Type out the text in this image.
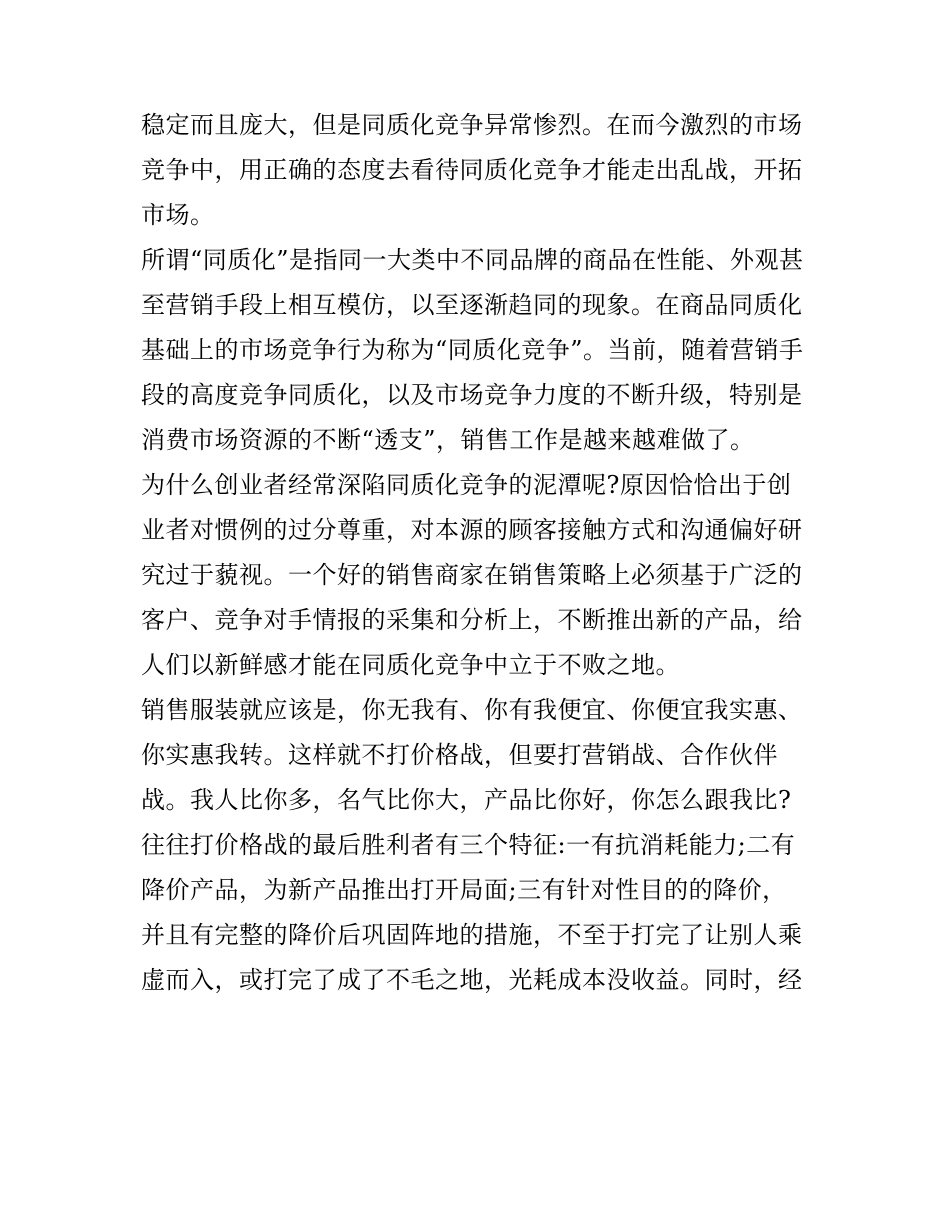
稳定而且庞大，但是同质化竞争异常惨烈。在而今激烈的市场
竞争中，用正确的态度去看待同质化竞争才能走出乱战，开拓
市场。
所谓“同质化”是指同一大类中不同品牌的商品在性能、外观甚
至营销手段上相互模仿，以至逐渐趋同的现象。在商品同质化
基础上的市场竞争行为称为“同质化竞争”。当前，随着营销手
段的高度竞争同质化，以及市场竞争力度的不断升级，特别是
消费市场资源的不断“透支”，销售工作是越来越难做了。
为什么创业者经常深陷同质化竞争的泥潭呢?原因恰恰出于创
业者对惯例的过分尊重，对本源的顾客接触方式和沟通偏好研
究过于藐视。一个好的销售商家在销售策略上必须基于广泛的
客户、竞争对手情报的采集和分析上，不断推出新的产品，给
人们以新鲜感才能在同质化竞争中立于不败之地。
销售服装就应该是，你无我有、你有我便宜、你便宜我实惠、
你实惠我转。这样就不打价格战，但要打营销战、合作伙伴
战。我人比你多，名气比你大，产品比你好，你怎么跟我比?
往往打价格战的最后胜利者有三个特征:一有抗消耗能力;二有
降价产品，为新产品推出打开局面;三有针对性目的的降价，
并且有完整的降价后巩固阵地的措施，不至于打完了让别人乘
虚而入，或打完了成了不毛之地，光耗成本没收益。同时，经
